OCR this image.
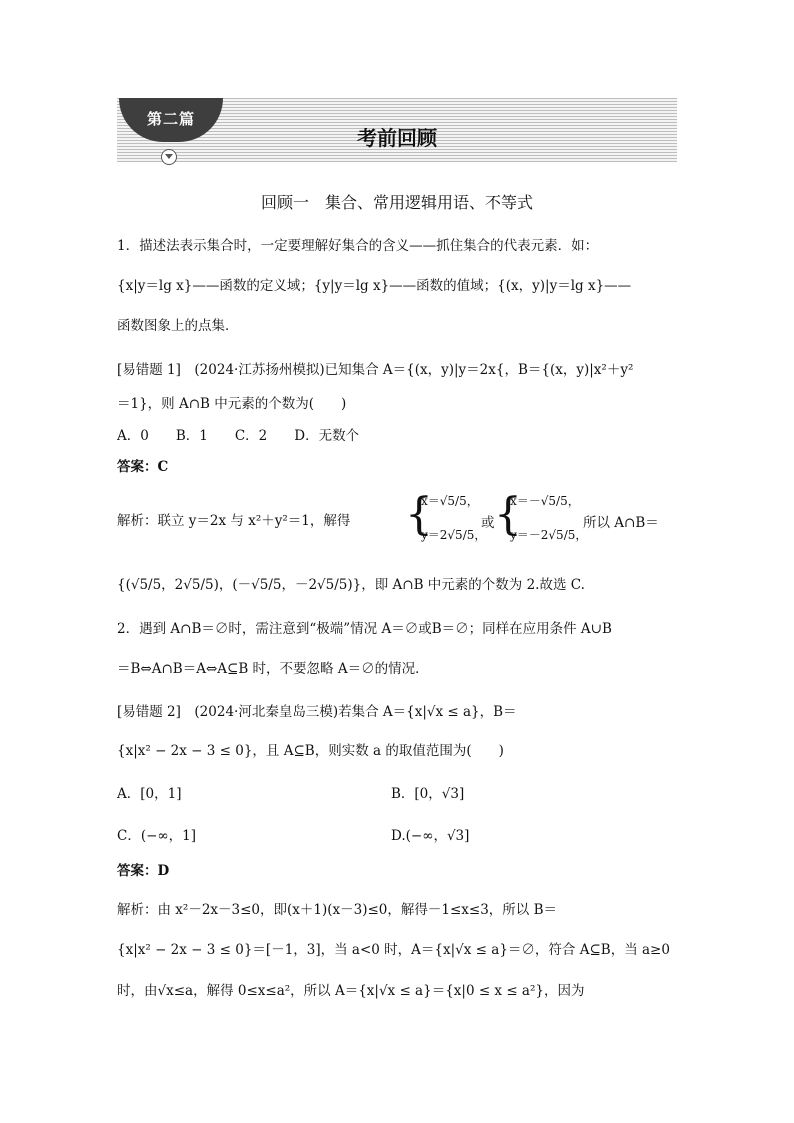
第二篇
考前回顾
回顾一　集合、常用逻辑用语、不等式
1．描述法表示集合时，一定要理解好集合的含义——抓住集合的代表元素．如：
{x|y＝lg x}——函数的定义域；{y|y＝lg x}——函数的值域；{(x，y)|y＝lg x}——
函数图象上的点集．
[易错题 1]　(2024·江苏扬州模拟)已知集合 A＝{(x，y)|y＝2x{，B＝{(x，y)|x²＋y²
＝1}，则 A∩B 中元素的个数为(　　)
A．0　　B．1　　C．2　　D．无数个
答案：C
解析：联立 y＝2x 与 x²＋y²＝1，解得	{
x＝√5/5，
y＝2√5/5，
或 {
x＝－√5/5，
y＝－2√5/5，
所以 A∩B＝
{(√5/5，2√5/5)，(－√5/5，－2√5/5)}，即 A∩B 中元素的个数为 2.故选 C.
2．遇到 A∩B＝∅时，需注意到“极端”情况 A＝∅或B＝∅；同样在应用条件 A∪B
＝B⇔A∩B＝A⇔A⊆B 时，不要忽略 A＝∅的情况．
[易错题 2]　(2024·河北秦皇岛三模)若集合 A＝{x|√x ≤ a}，B＝
{x|x² − 2x − 3 ≤ 0}，且 A⊆B，则实数 a 的取值范围为(　　)
A．[0，1]	B．[0，√3]
C．(−∞，1]	D.(−∞，√3]
答案：D
解析：由 x²－2x－3≤0，即(x＋1)(x－3)≤0，解得－1≤x≤3，所以 B＝
{x|x² − 2x − 3 ≤ 0}＝[－1，3]，当 a<0 时，A＝{x|√x ≤ a}＝∅，符合 A⊆B，当 a≥0
时，由√x≤a，解得 0≤x≤a²，所以 A＝{x|√x ≤ a}＝{x|0 ≤ x ≤ a²}，因为
